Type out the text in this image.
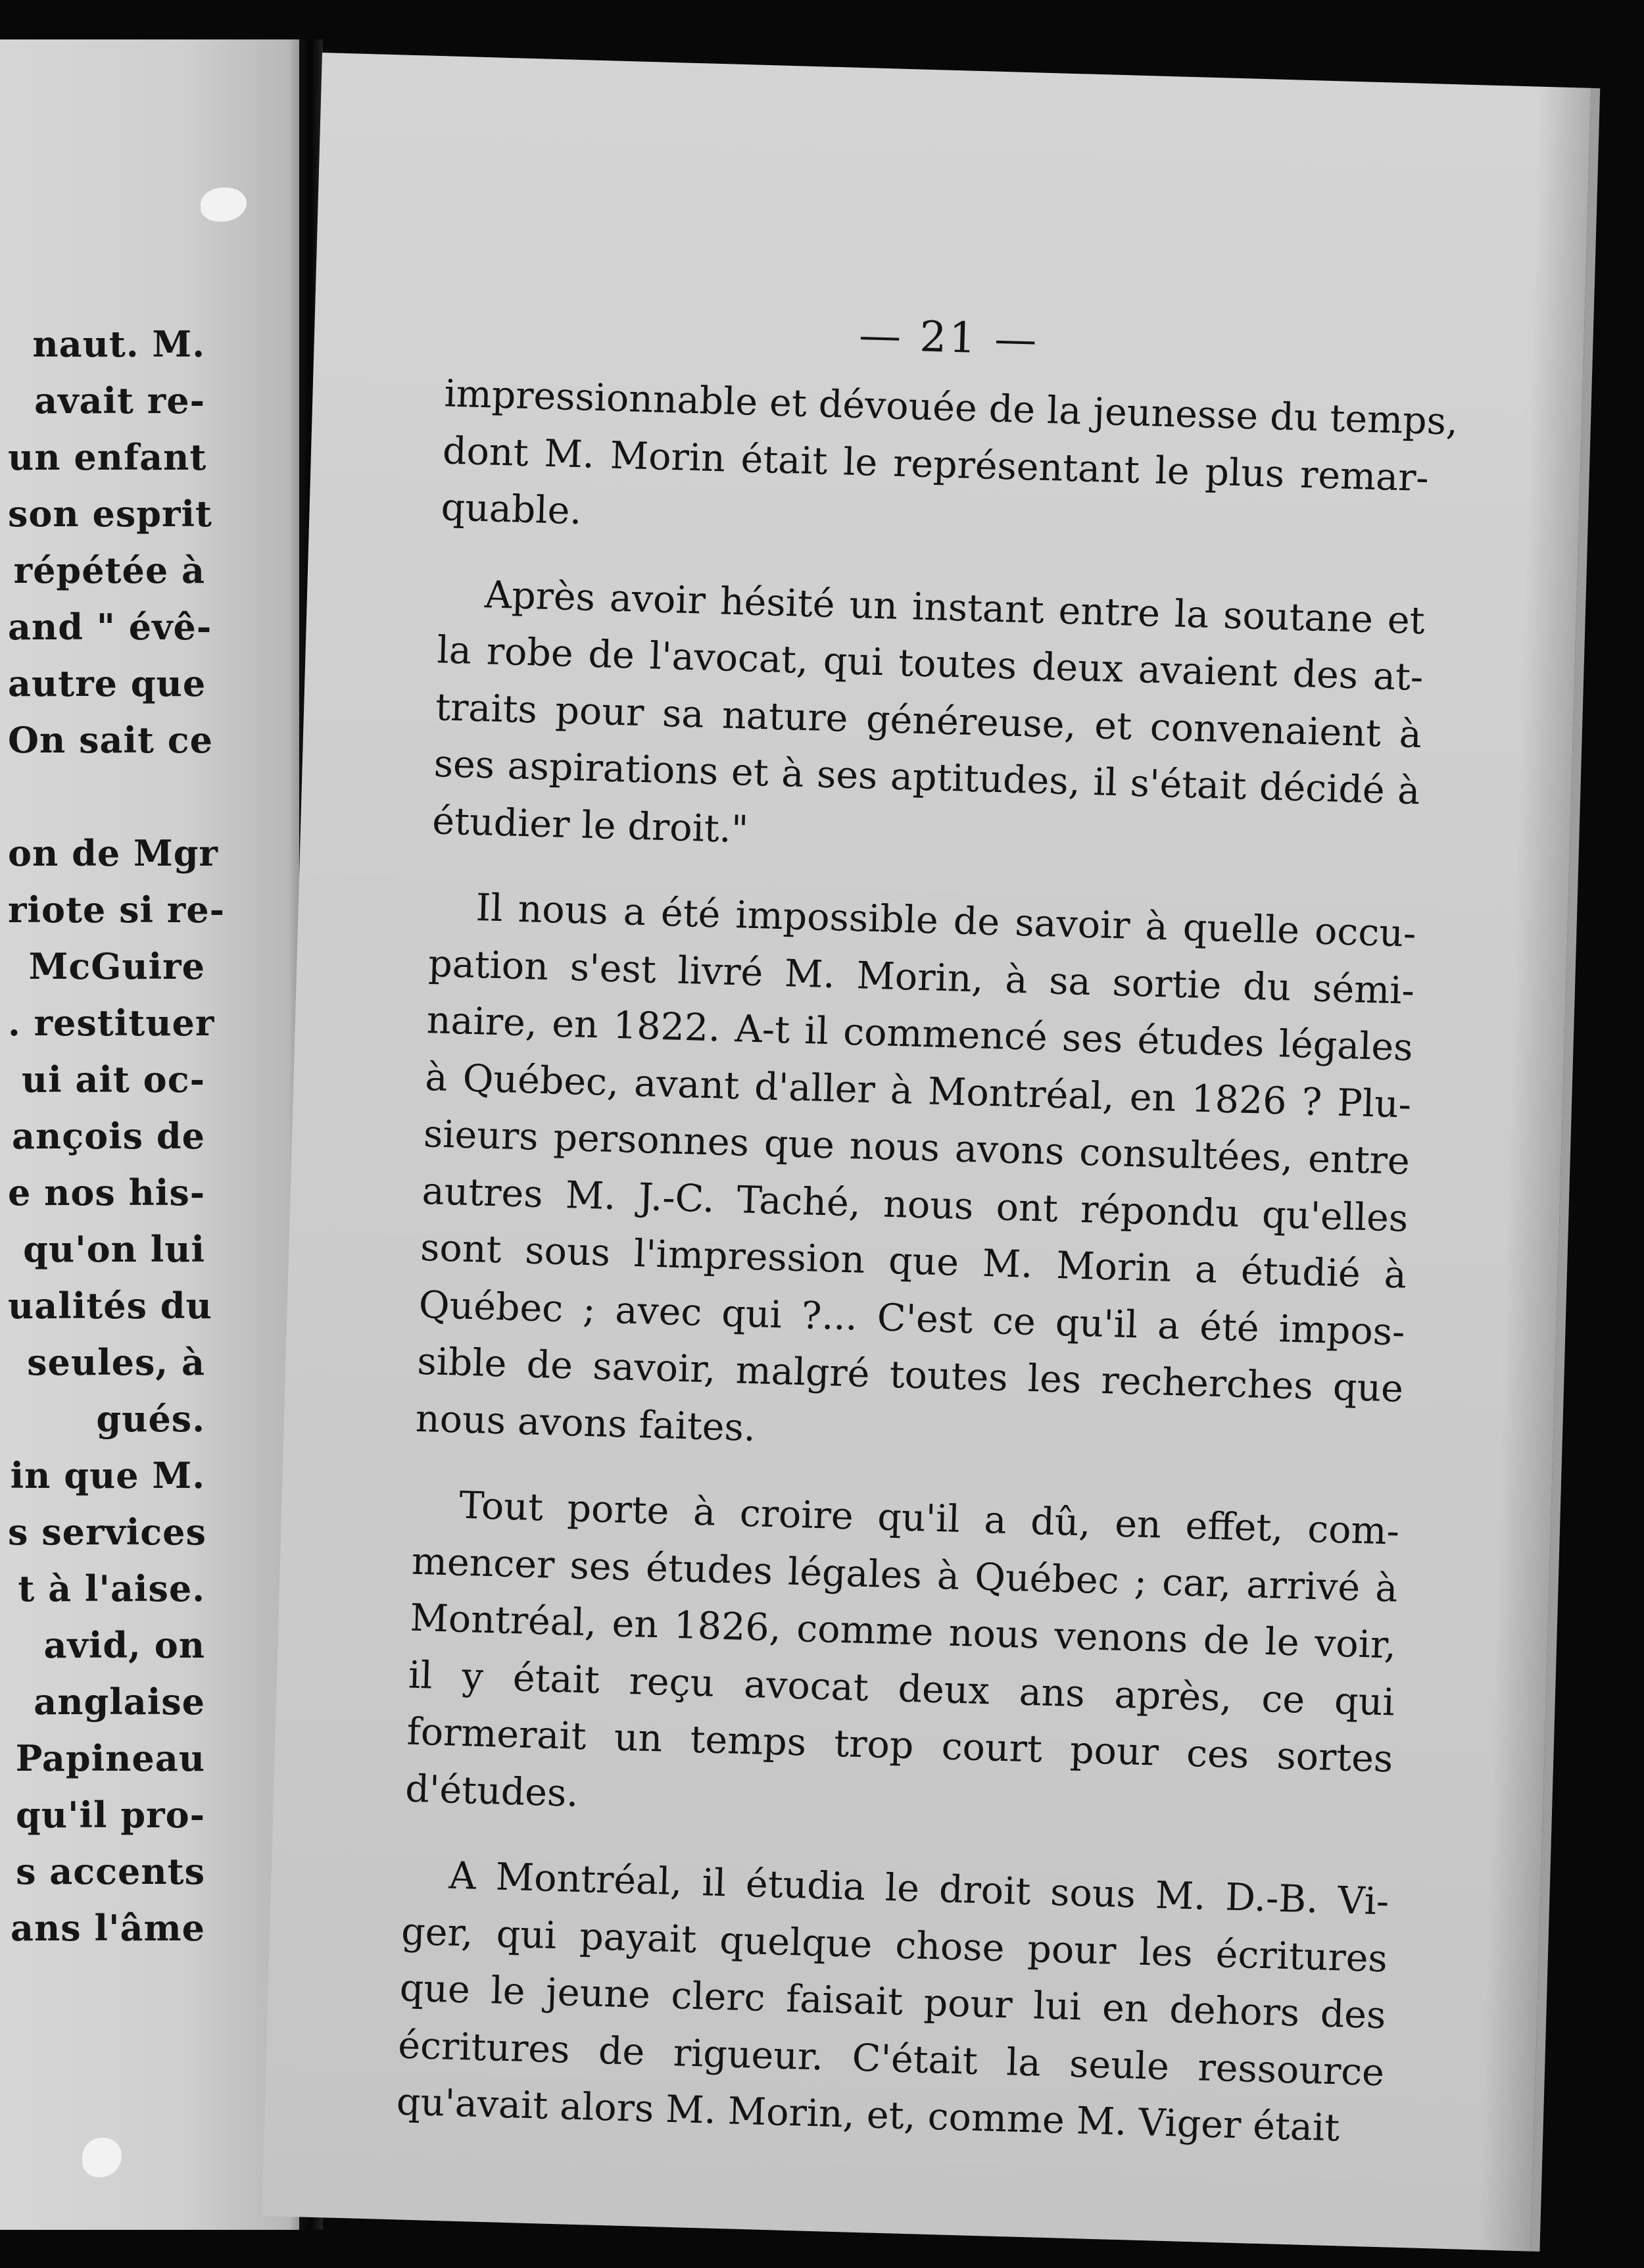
naut. M.
avait re-
un enfant
son esprit
répétée à
and " évê-
autre que
On sait ce
on de Mgr
riote si re-
McGuire
. restituer
ui ait oc-
ançois de
e nos his-
qu'on lui
ualités du
seules, à
gués.
in que M.
s services
t à l'aise.
avid, on
anglaise
Papineau
qu'il pro-
s accents
ans l'âme
— 21 —

impressionnable et dévouée de la jeunesse du temps,
dont M. Morin était le représentant le plus remar-
quable.

Après avoir hésité un instant entre la soutane et
la robe de l'avocat, qui toutes deux avaient des at-
traits pour sa nature généreuse, et convenaient à
ses aspirations et à ses aptitudes, il s'était décidé à
étudier le droit."

Il nous a été impossible de savoir à quelle occu-
pation s'est livré M. Morin, à sa sortie du sémi-
naire, en 1822. A-t il commencé ses études légales
à Québec, avant d'aller à Montréal, en 1826 ? Plu-
sieurs personnes que nous avons consultées, entre
autres M. J.-C. Taché, nous ont répondu qu'elles
sont sous l'impression que M. Morin a étudié à
Québec ; avec qui ?... C'est ce qu'il a été impos-
sible de savoir, malgré toutes les recherches que
nous avons faites.

Tout porte à croire qu'il a dû, en effet, com-
mencer ses études légales à Québec ; car, arrivé à
Montréal, en 1826, comme nous venons de le voir,
il y était reçu avocat deux ans après, ce qui
formerait un temps trop court pour ces sortes
d'études.

A Montréal, il étudia le droit sous M. D.-B. Vi-
ger, qui payait quelque chose pour les écritures
que le jeune clerc faisait pour lui en dehors des
écritures de rigueur. C'était la seule ressource
qu'avait alors M. Morin, et, comme M. Viger était
